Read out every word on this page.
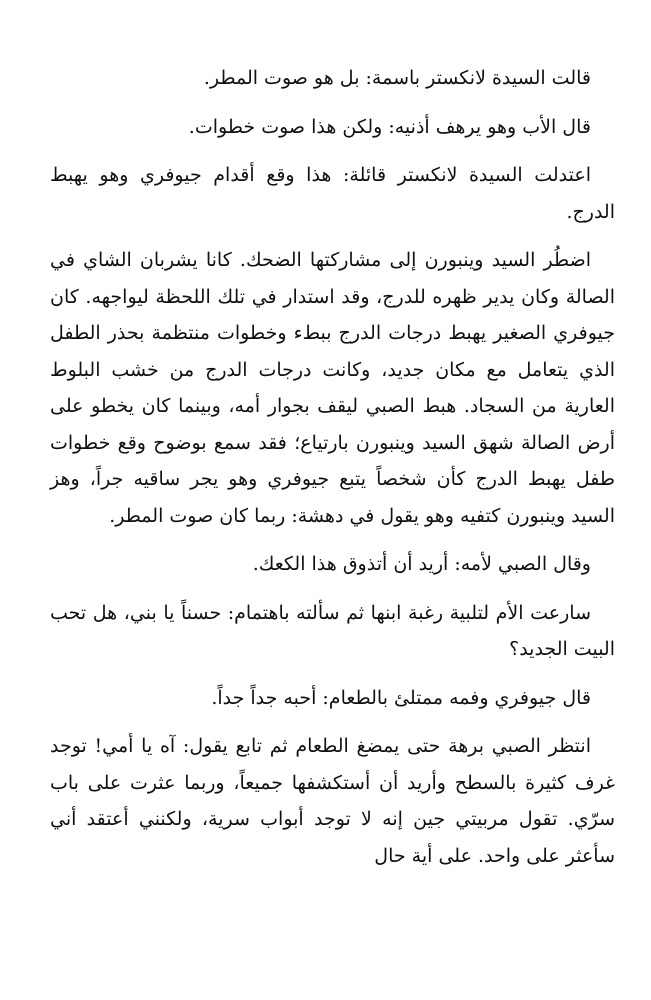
قالت السيدة لانكستر باسمة: بل هو صوت المطر.

قال الأب وهو يرهف أذنيه: ولكن هذا صوت خطوات.

اعتدلت السيدة لانكستر قائلة: هذا وقع أقدام جيوفري وهو يهبط الدرج.

اضطُر السيد وينبورن إلى مشاركتها الضحك. كانا يشربان الشاي في الصالة وكان يدير ظهره للدرج، وقد استدار في تلك اللحظة ليواجهه. كان جيوفري الصغير يهبط درجات الدرج ببطء وخطوات منتظمة بحذر الطفل الذي يتعامل مع مكان جديد، وكانت درجات الدرج من خشب البلوط العارية من السجاد. هبط الصبي ليقف بجوار أمه، وبينما كان يخطو على أرض الصالة شهق السيد وينبورن بارتياع؛ فقد سمع بوضوح وقع خطوات طفل يهبط الدرج كأن شخصاً يتبع جيوفري وهو يجر ساقيه جراً، وهز السيد وينبورن كتفيه وهو يقول في دهشة: ربما كان صوت المطر.

وقال الصبي لأمه: أريد أن أتذوق هذا الكعك.

سارعت الأم لتلبية رغبة ابنها ثم سألته باهتمام: حسناً يا بني، هل تحب البيت الجديد؟

قال جيوفري وفمه ممتلئ بالطعام: أحبه جداً جداً.

انتظر الصبي برهة حتى يمضغ الطعام ثم تابع يقول: آه يا أمي! توجد غرف كثيرة بالسطح وأريد أن أستكشفها جميعاً، وربما عثرت على باب سرّي. تقول مربيتي جين إنه لا توجد أبواب سرية، ولكنني أعتقد أني سأعثر على واحد. على أية حال
